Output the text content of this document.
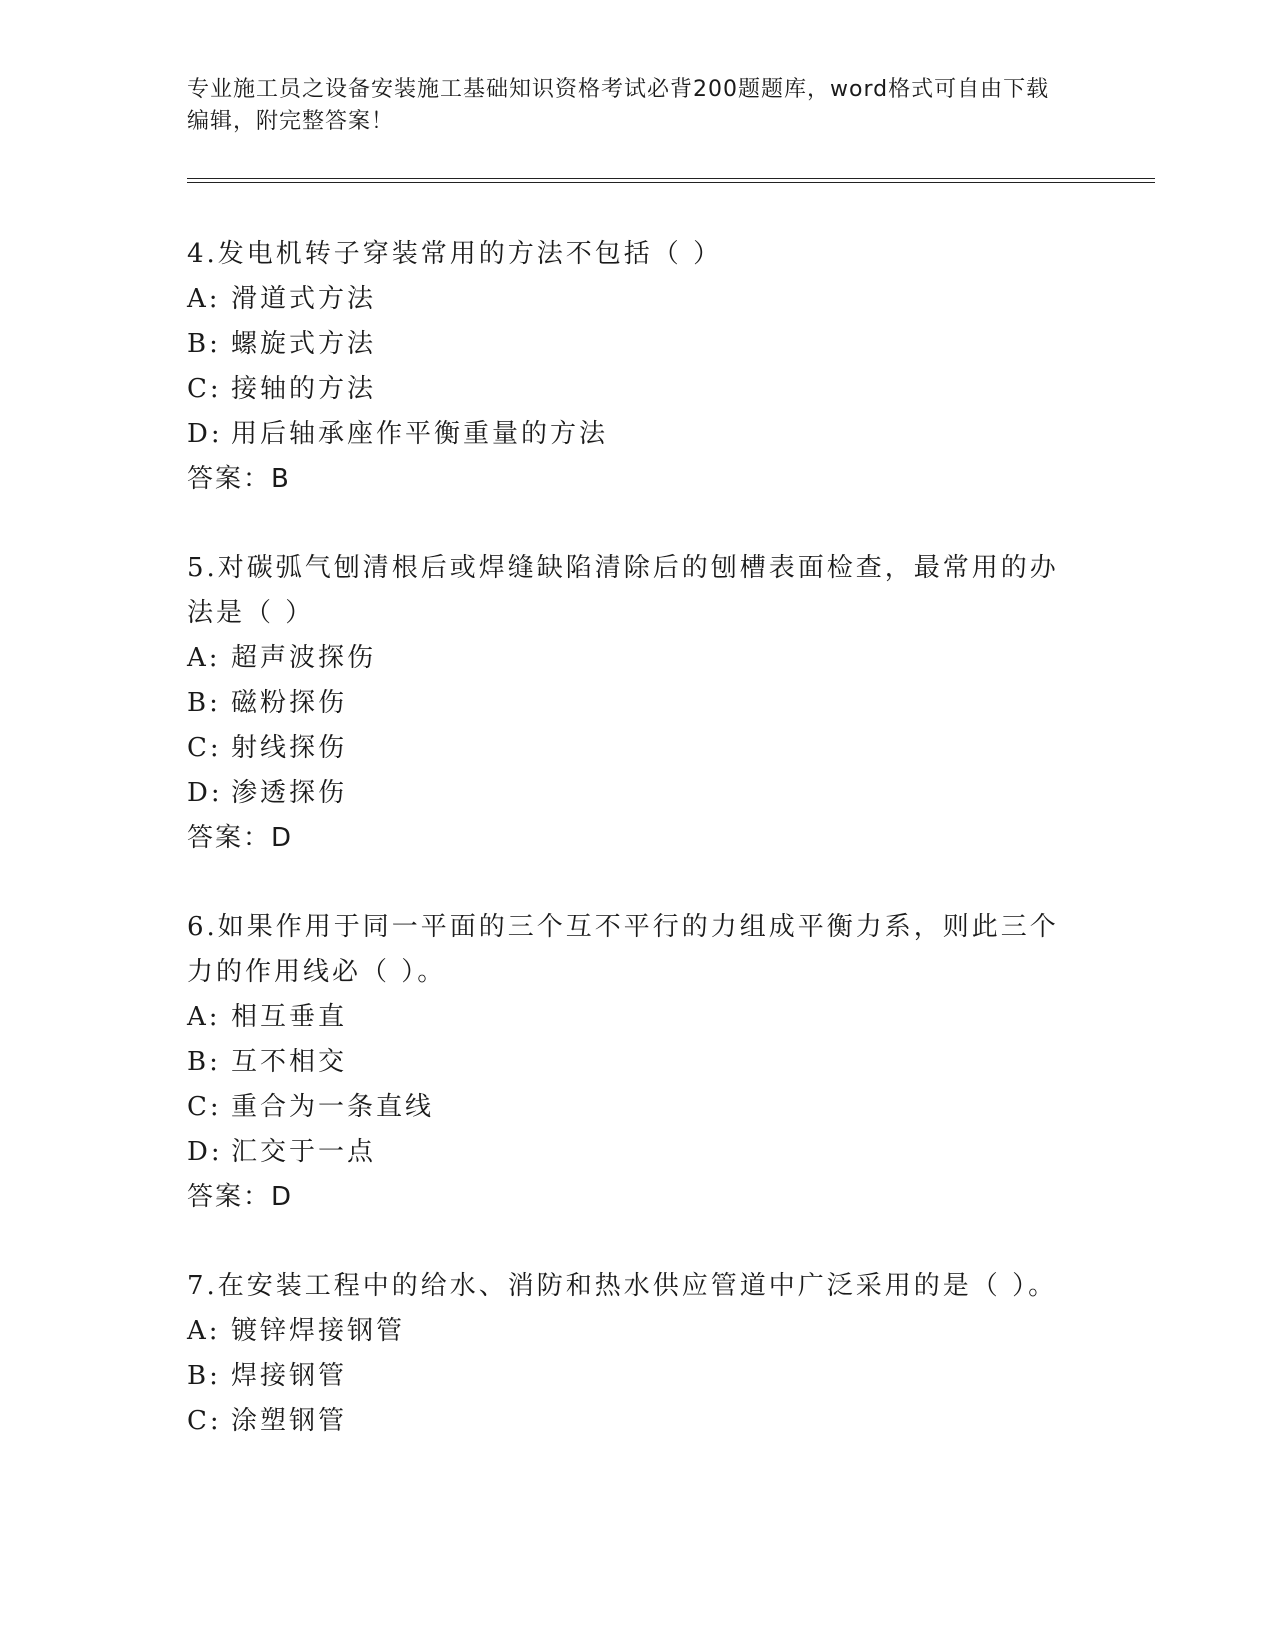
专业施工员之设备安装施工基础知识资格考试必背200题题库，word格式可自由下载编辑，附完整答案！

4.发电机转子穿装常用的方法不包括（ ）

A: 滑道式方法

B: 螺旋式方法

C: 接轴的方法

D: 用后轴承座作平衡重量的方法

答案：B

5.对碳弧气刨清根后或焊缝缺陷清除后的刨槽表面检查，最常用的办法是（ ）

A: 超声波探伤

B: 磁粉探伤

C: 射线探伤

D: 渗透探伤

答案：D

6.如果作用于同一平面的三个互不平行的力组成平衡力系，则此三个力的作用线必（ ）。

A: 相互垂直

B: 互不相交

C: 重合为一条直线

D: 汇交于一点

答案：D

7.在安装工程中的给水、消防和热水供应管道中广泛采用的是（ ）。

A: 镀锌焊接钢管

B: 焊接钢管

C: 涂塑钢管
